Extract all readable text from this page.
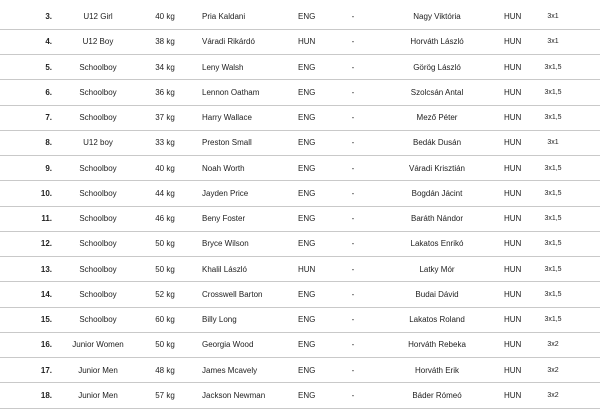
3.	U12 Girl	40 kg	Pria Kaldani	ENG	-	Nagy Viktória	HUN	3x1
4.	U12 Boy	38 kg	Váradi Rikárdó	HUN	-	Horváth László	HUN	3x1
5.	Schoolboy	34 kg	Leny Walsh	ENG	-	Görög László	HUN	3x1,5
6.	Schoolboy	36 kg	Lennon Oatham	ENG	-	Szolcsán Antal	HUN	3x1,5
7.	Schoolboy	37 kg	Harry Wallace	ENG	-	Mező Péter	HUN	3x1,5
8.	U12 boy	33 kg	Preston Small	ENG	-	Bedák Dusán	HUN	3x1
9.	Schoolboy	40 kg	Noah Worth	ENG	-	Váradi Krisztián	HUN	3x1,5
10.	Schoolboy	44 kg	Jayden Price	ENG	-	Bogdán Jácint	HUN	3x1,5
11.	Schoolboy	46 kg	Beny Foster	ENG	-	Baráth Nándor	HUN	3x1,5
12.	Schoolboy	50 kg	Bryce Wilson	ENG	-	Lakatos Enrikó	HUN	3x1,5
13.	Schoolboy	50 kg	Khalil László	HUN	-	Latky Mór	HUN	3x1,5
14.	Schoolboy	52 kg	Crosswell Barton	ENG	-	Budai Dávid	HUN	3x1,5
15.	Schoolboy	60 kg	Billy Long	ENG	-	Lakatos Roland	HUN	3x1,5
16.	Junior Women	50 kg	Georgia Wood	ENG	-	Horváth Rebeka	HUN	3x2
17.	Junior Men	48 kg	James Mcavely	ENG	-	Horváth Erik	HUN	3x2
18.	Junior Men	57 kg	Jackson Newman	ENG	-	Báder Rómeó	HUN	3x2
